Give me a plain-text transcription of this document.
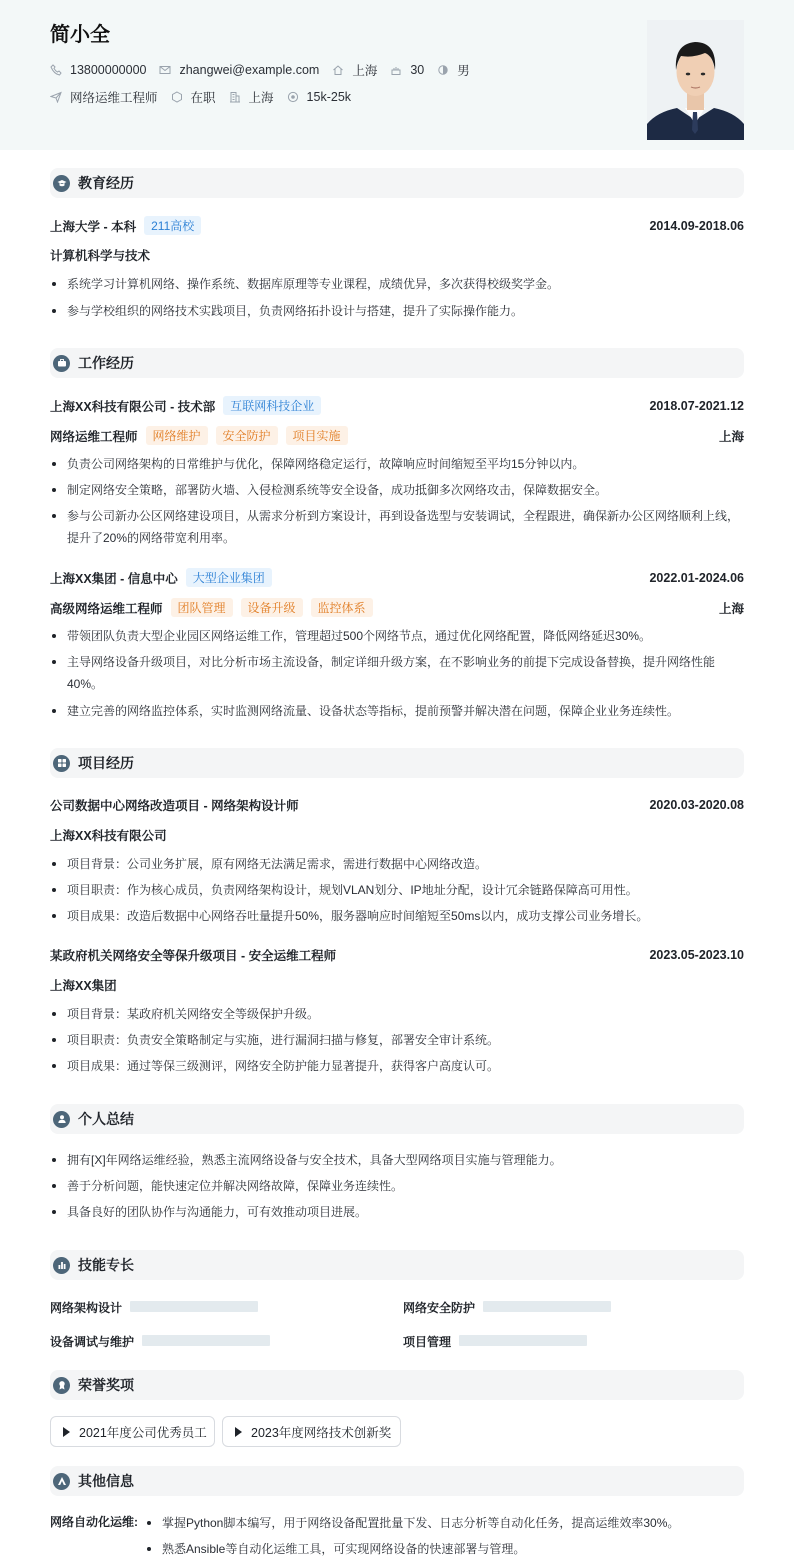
简小全
13800000000	zhangwei@example.com	上海	30	男
网络运维工程师	在职	上海	15k-25k
教育经历
上海大学 - 本科	211高校	2014.09-2018.06
计算机科学与技术
系统学习计算机网络、操作系统、数据库原理等专业课程，成绩优异，多次获得校级奖学金。
参与学校组织的网络技术实践项目，负责网络拓扑设计与搭建，提升了实际操作能力。
工作经历
上海XX科技有限公司 - 技术部	互联网科技企业	2018.07-2021.12
网络运维工程师	网络维护	安全防护	项目实施	上海
负责公司网络架构的日常维护与优化，保障网络稳定运行，故障响应时间缩短至平均15分钟以内。
制定网络安全策略，部署防火墙、入侵检测系统等安全设备，成功抵御多次网络攻击，保障数据安全。
参与公司新办公区网络建设项目，从需求分析到方案设计，再到设备选型与安装调试，全程跟进，确保新办公区网络顺利上线，提升了20%的网络带宽利用率。
上海XX集团 - 信息中心	大型企业集团	2022.01-2024.06
高级网络运维工程师	团队管理	设备升级	监控体系	上海
带领团队负责大型企业园区网络运维工作，管理超过500个网络节点，通过优化网络配置，降低网络延迟30%。
主导网络设备升级项目，对比分析市场主流设备，制定详细升级方案，在不影响业务的前提下完成设备替换，提升网络性能40%。
建立完善的网络监控体系，实时监测网络流量、设备状态等指标，提前预警并解决潜在问题，保障企业业务连续性。
项目经历
公司数据中心网络改造项目 - 网络架构设计师	2020.03-2020.08
上海XX科技有限公司
项目背景：公司业务扩展，原有网络无法满足需求，需进行数据中心网络改造。
项目职责：作为核心成员，负责网络架构设计，规划VLAN划分、IP地址分配，设计冗余链路保障高可用性。
项目成果：改造后数据中心网络吞吐量提升50%，服务器响应时间缩短至50ms以内，成功支撑公司业务增长。
某政府机关网络安全等保升级项目 - 安全运维工程师	2023.05-2023.10
上海XX集团
项目背景：某政府机关网络安全等级保护升级。
项目职责：负责安全策略制定与实施，进行漏洞扫描与修复，部署安全审计系统。
项目成果：通过等保三级测评，网络安全防护能力显著提升，获得客户高度认可。
个人总结
拥有[X]年网络运维经验，熟悉主流网络设备与安全技术，具备大型网络项目实施与管理能力。
善于分析问题，能快速定位并解决网络故障，保障业务连续性。
具备良好的团队协作与沟通能力，可有效推动项目进展。
技能专长
网络架构设计	网络安全防护
设备调试与维护	项目管理
荣誉奖项
2021年度公司优秀员工	2023年度网络技术创新奖
其他信息
网络自动化运维:	掌握Python脚本编写，用于网络设备配置批量下发、日志分析等自动化任务，提高运维效率30%。
熟悉Ansible等自动化运维工具，可实现网络设备的快速部署与管理。
